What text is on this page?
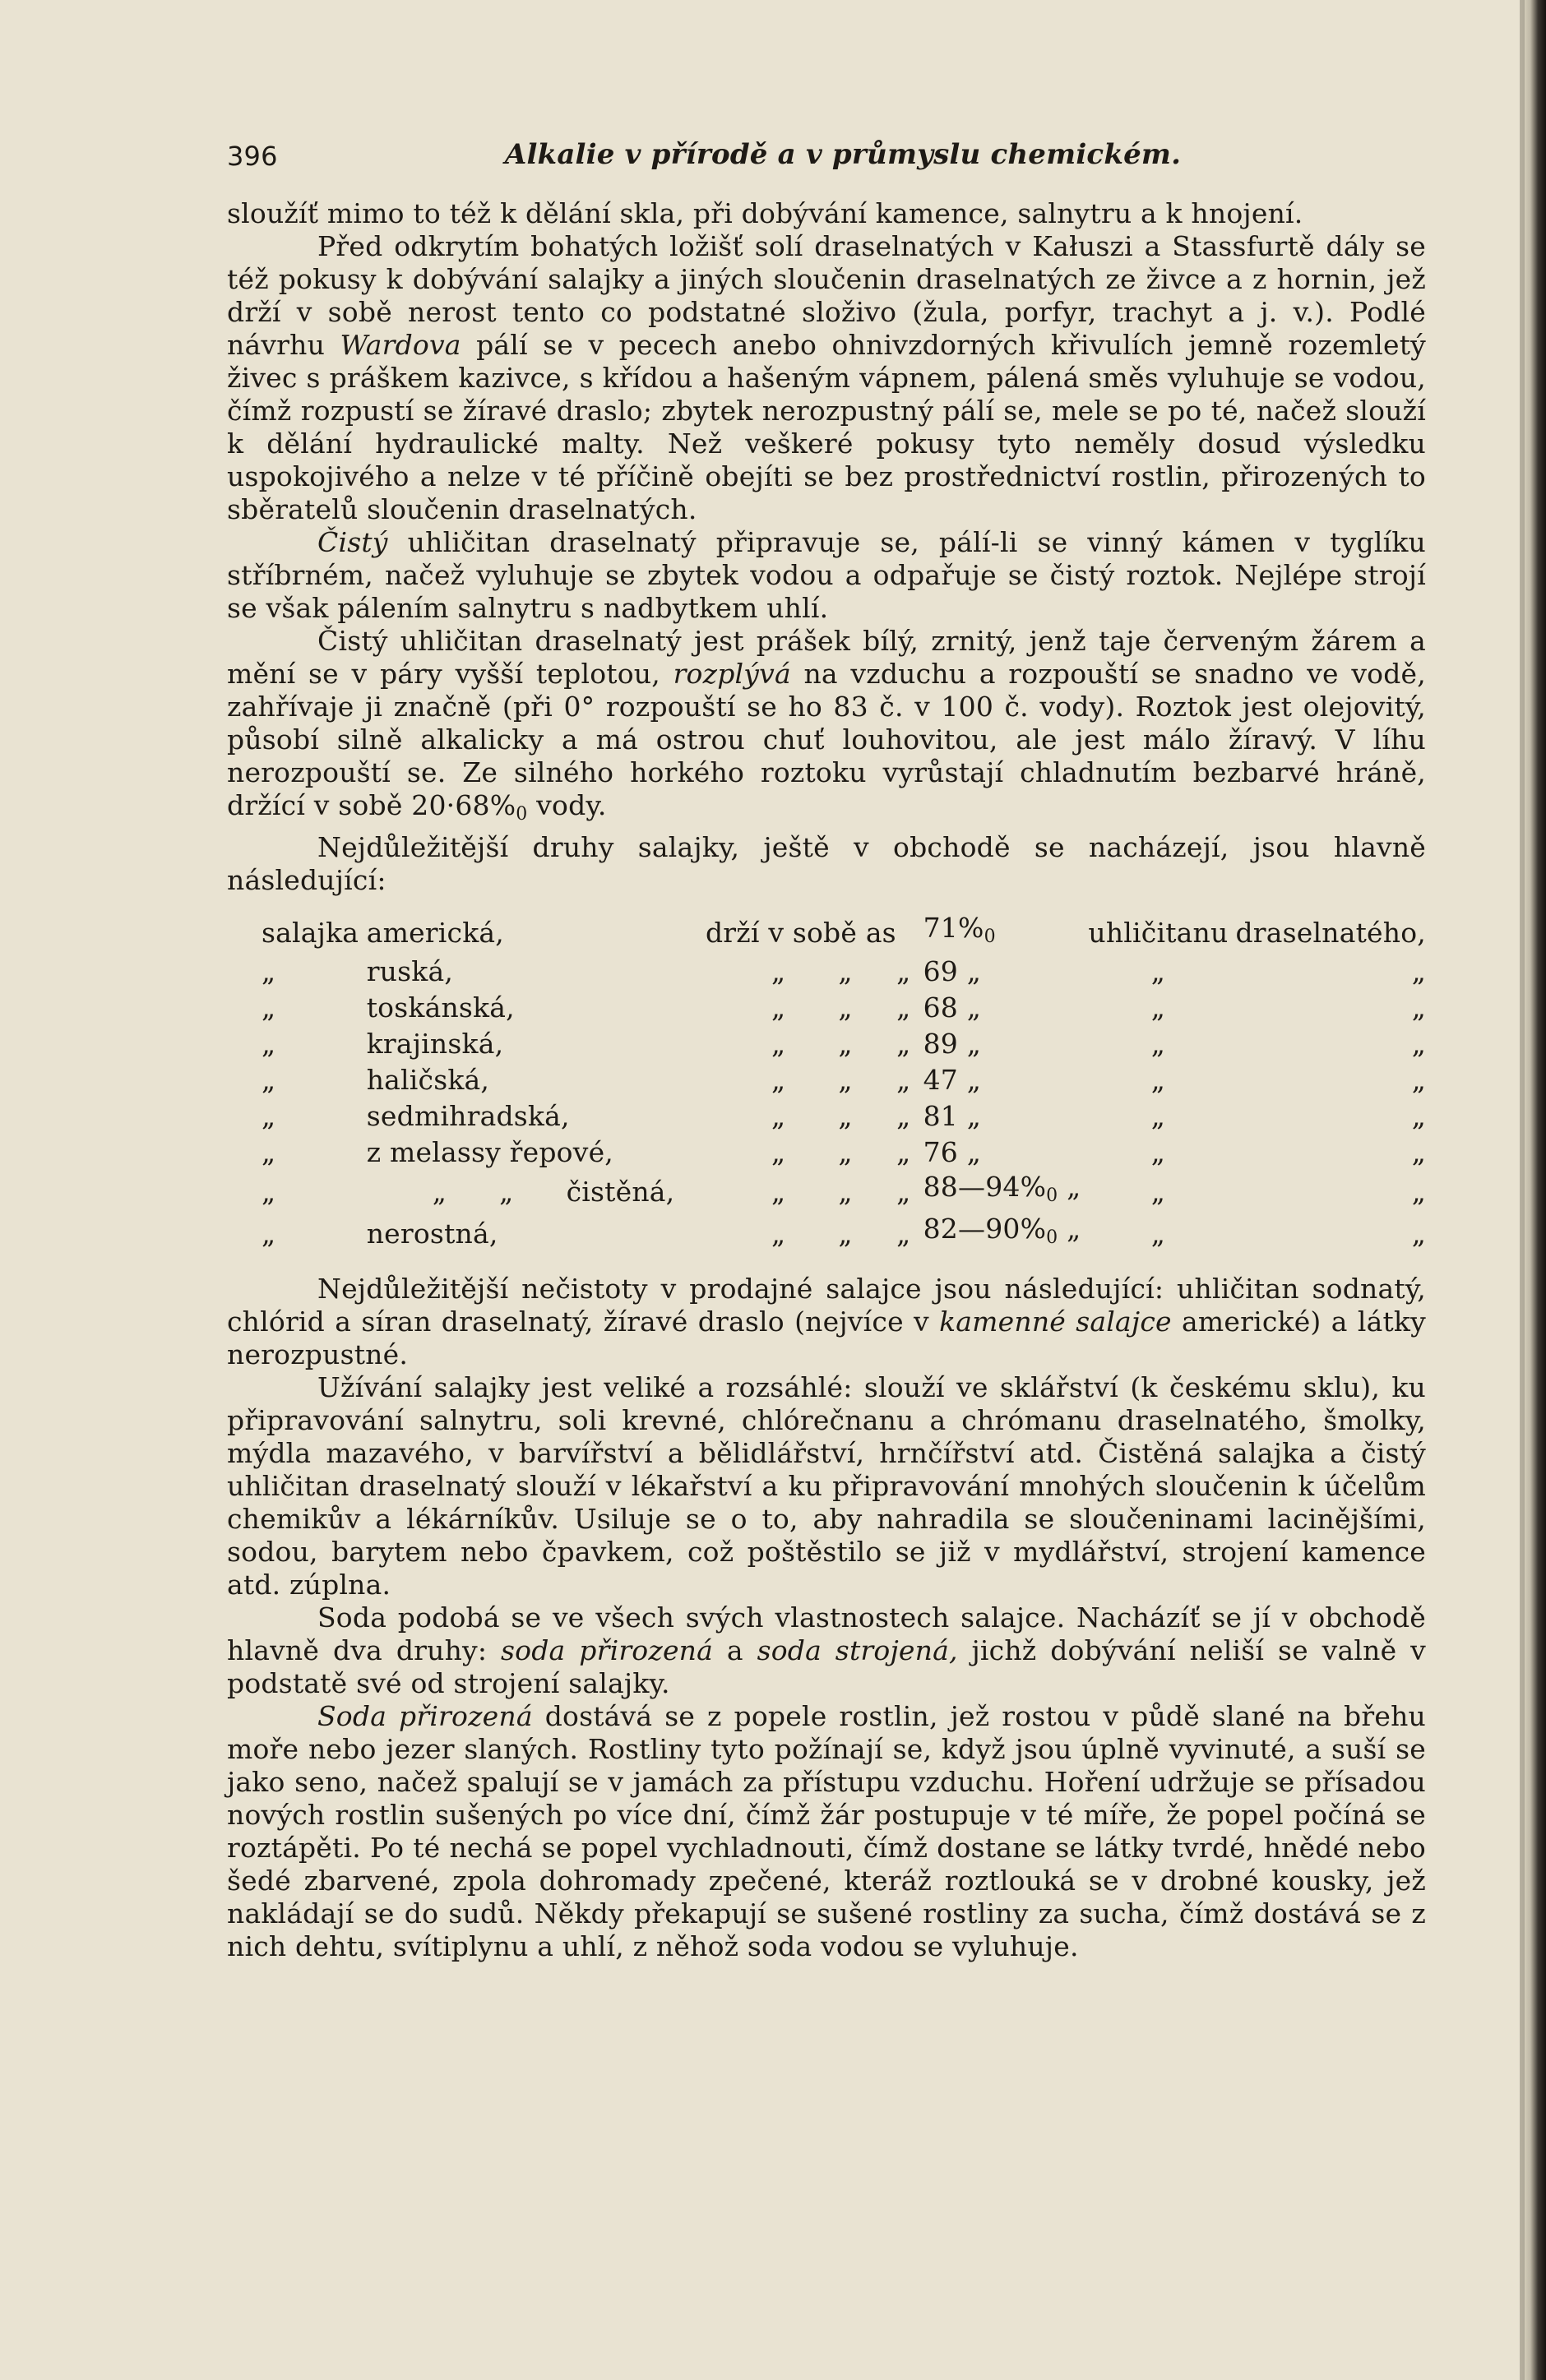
396	Alkalie v přírodě a v průmyslu chemickém.

sloužíť mimo to též k dělání skla, při dobývání kamence, salnytru a k hnojení.

Před odkrytím bohatých ložišť solí draselnatých v Kałuszi a Stassfurtě dály se též pokusy k dobývání salajky a jiných sloučenin draselnatých ze živce a z hornin, jež drží v sobě nerost tento co podstatné složivo (žula, porfyr, trachyt a j. v.). Podlé návrhu Wardova pálí se v pecech anebo ohnivzdorných křivulích jemně rozemletý živec s práškem kazivce, s křídou a hašeným vápnem, pálená směs vyluhuje se vodou, čímž rozpustí se žíravé draslo; zbytek nerozpustný pálí se, mele se po té, načež slouží k dělání hydraulické malty. Než veškeré pokusy tyto neměly dosud výsledku uspokojivého a nelze v té příčině obejíti se bez prostřednictví rostlin, přirozených to sběratelů sloučenin draselnatých.

Čistý uhličitan draselnatý připravuje se, pálí-li se vinný kámen v tyglíku stříbrném, načež vyluhuje se zbytek vodou a odpařuje se čistý roztok. Nejlépe strojí se však pálením salnytru s nadbytkem uhlí.

Čistý uhličitan draselnatý jest prášek bílý, zrnitý, jenž taje červeným žárem a mění se v páry vyšší teplotou, rozplývá na vzduchu a rozpouští se snadno ve vodě, zahřívaje ji značně (při 0° rozpouští se ho 83 č. v 100 č. vody). Roztok jest olejovitý, působí silně alkalicky a má ostrou chuť louhovitou, ale jest málo žíravý. V líhu nerozpouští se. Ze silného horkého roztoku vyrůstají chladnutím bezbarvé hráně, držící v sobě $20\cdot 68\%_0$ vody.

Nejdůležitější druhy salajky, ještě v obchodě se nacházejí, jsou hlavně následující:

salajka	americká,	drží v sobě as	$71\%_0$	uhličitanu	draselnatého,
„	ruská,	„ „ „	69 „	„	„
„	toskánská,	„ „ „	68 „	„	„
„	krajinská,	„ „ „	89 „	„	„
„	haličská,	„ „ „	47 „	„	„
„	sedmihradská,	„ „ „	81 „	„	„
„	z melassy řepové,	„ „ „	76 „	„	„
„	„ „ čistěná,	„ „ „	$88—94\%_0$ „	„	„
„	nerostná,	„ „ „	$82—90\%_0$ „	„	„

Nejdůležitější nečistoty v prodajné salajce jsou následující: uhličitan sodnatý, chlórid a síran draselnatý, žíravé draslo (nejvíce v kamenné salajce americké) a látky nerozpustné.

Užívání salajky jest veliké a rozsáhlé: slouží ve sklářství (k českému sklu), ku připravování salnytru, soli krevné, chlórečnanu a chrómanu draselnatého, šmolky, mýdla mazavého, v barvířství a bělidlářství, hrnčířství atd. Čistěná salajka a čistý uhličitan draselnatý slouží v lékařství a ku připravování mnohých sloučenin k účelům chemikův a lékárníkův. Usiluje se o to, aby nahradila se sloučeninami lacinějšími, sodou, barytem nebo čpavkem, což poštěstilo se již v mydlářství, strojení kamence atd. zúplna.

Soda podobá se ve všech svých vlastnostech salajce. Nacházíť se jí v obchodě hlavně dva druhy: soda přirozená a soda strojená, jichž dobývání neliší se valně v podstatě své od strojení salajky.

Soda přirozená dostává se z popele rostlin, jež rostou v půdě slané na břehu moře nebo jezer slaných. Rostliny tyto požínají se, když jsou úplně vyvinuté, a suší se jako seno, načež spalují se v jamách za přístupu vzduchu. Hoření udržuje se přísadou nových rostlin sušených po více dní, čímž žár postupuje v té míře, že popel počíná se roztápěti. Po té nechá se popel vychladnouti, čímž dostane se látky tvrdé, hnědé nebo šedé zbarvené, zpola dohromady zpečené, kteráž roztlouká se v drobné kousky, jež nakládají se do sudů. Někdy překapují se sušené rostliny za sucha, čímž dostává se z nich dehtu, svítiplynu a uhlí, z něhož soda vodou se vyluhuje.
